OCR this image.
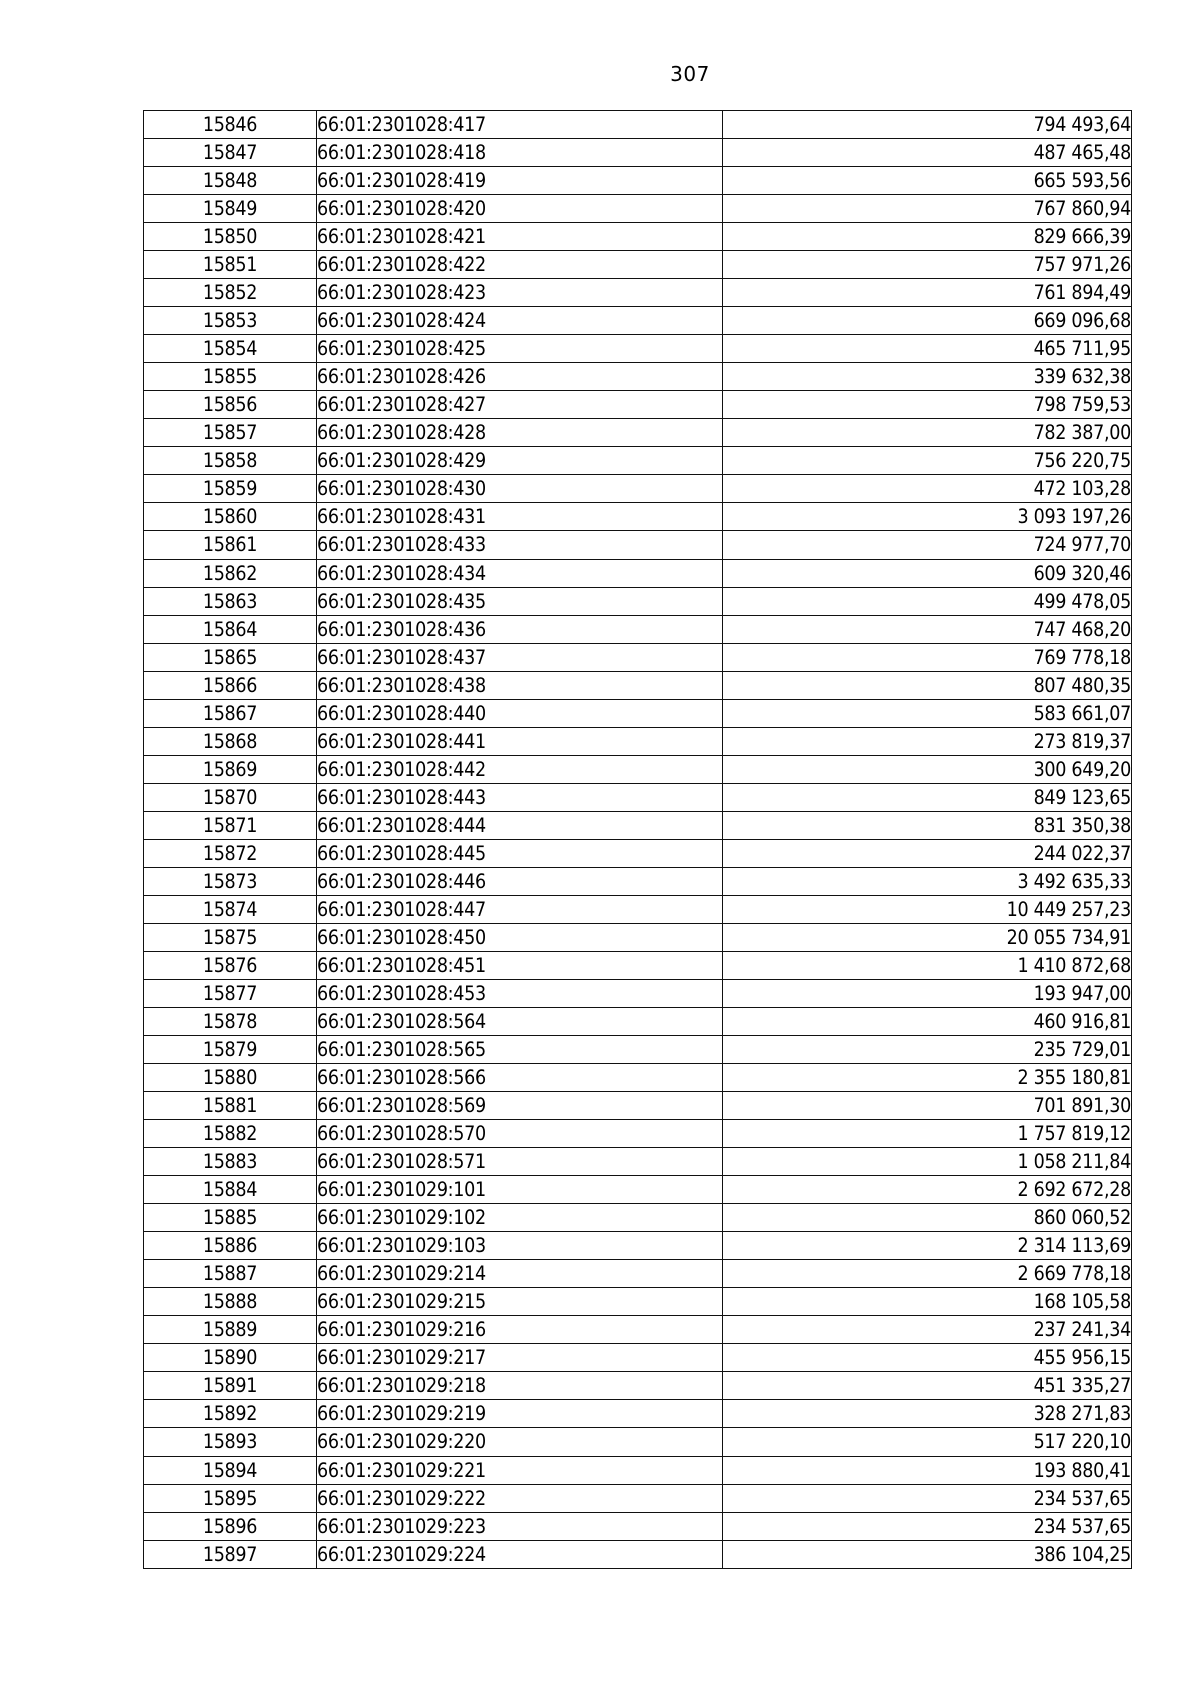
307
15846	66:01:2301028:417	794 493,64
15847	66:01:2301028:418	487 465,48
15848	66:01:2301028:419	665 593,56
15849	66:01:2301028:420	767 860,94
15850	66:01:2301028:421	829 666,39
15851	66:01:2301028:422	757 971,26
15852	66:01:2301028:423	761 894,49
15853	66:01:2301028:424	669 096,68
15854	66:01:2301028:425	465 711,95
15855	66:01:2301028:426	339 632,38
15856	66:01:2301028:427	798 759,53
15857	66:01:2301028:428	782 387,00
15858	66:01:2301028:429	756 220,75
15859	66:01:2301028:430	472 103,28
15860	66:01:2301028:431	3 093 197,26
15861	66:01:2301028:433	724 977,70
15862	66:01:2301028:434	609 320,46
15863	66:01:2301028:435	499 478,05
15864	66:01:2301028:436	747 468,20
15865	66:01:2301028:437	769 778,18
15866	66:01:2301028:438	807 480,35
15867	66:01:2301028:440	583 661,07
15868	66:01:2301028:441	273 819,37
15869	66:01:2301028:442	300 649,20
15870	66:01:2301028:443	849 123,65
15871	66:01:2301028:444	831 350,38
15872	66:01:2301028:445	244 022,37
15873	66:01:2301028:446	3 492 635,33
15874	66:01:2301028:447	10 449 257,23
15875	66:01:2301028:450	20 055 734,91
15876	66:01:2301028:451	1 410 872,68
15877	66:01:2301028:453	193 947,00
15878	66:01:2301028:564	460 916,81
15879	66:01:2301028:565	235 729,01
15880	66:01:2301028:566	2 355 180,81
15881	66:01:2301028:569	701 891,30
15882	66:01:2301028:570	1 757 819,12
15883	66:01:2301028:571	1 058 211,84
15884	66:01:2301029:101	2 692 672,28
15885	66:01:2301029:102	860 060,52
15886	66:01:2301029:103	2 314 113,69
15887	66:01:2301029:214	2 669 778,18
15888	66:01:2301029:215	168 105,58
15889	66:01:2301029:216	237 241,34
15890	66:01:2301029:217	455 956,15
15891	66:01:2301029:218	451 335,27
15892	66:01:2301029:219	328 271,83
15893	66:01:2301029:220	517 220,10
15894	66:01:2301029:221	193 880,41
15895	66:01:2301029:222	234 537,65
15896	66:01:2301029:223	234 537,65
15897	66:01:2301029:224	386 104,25
